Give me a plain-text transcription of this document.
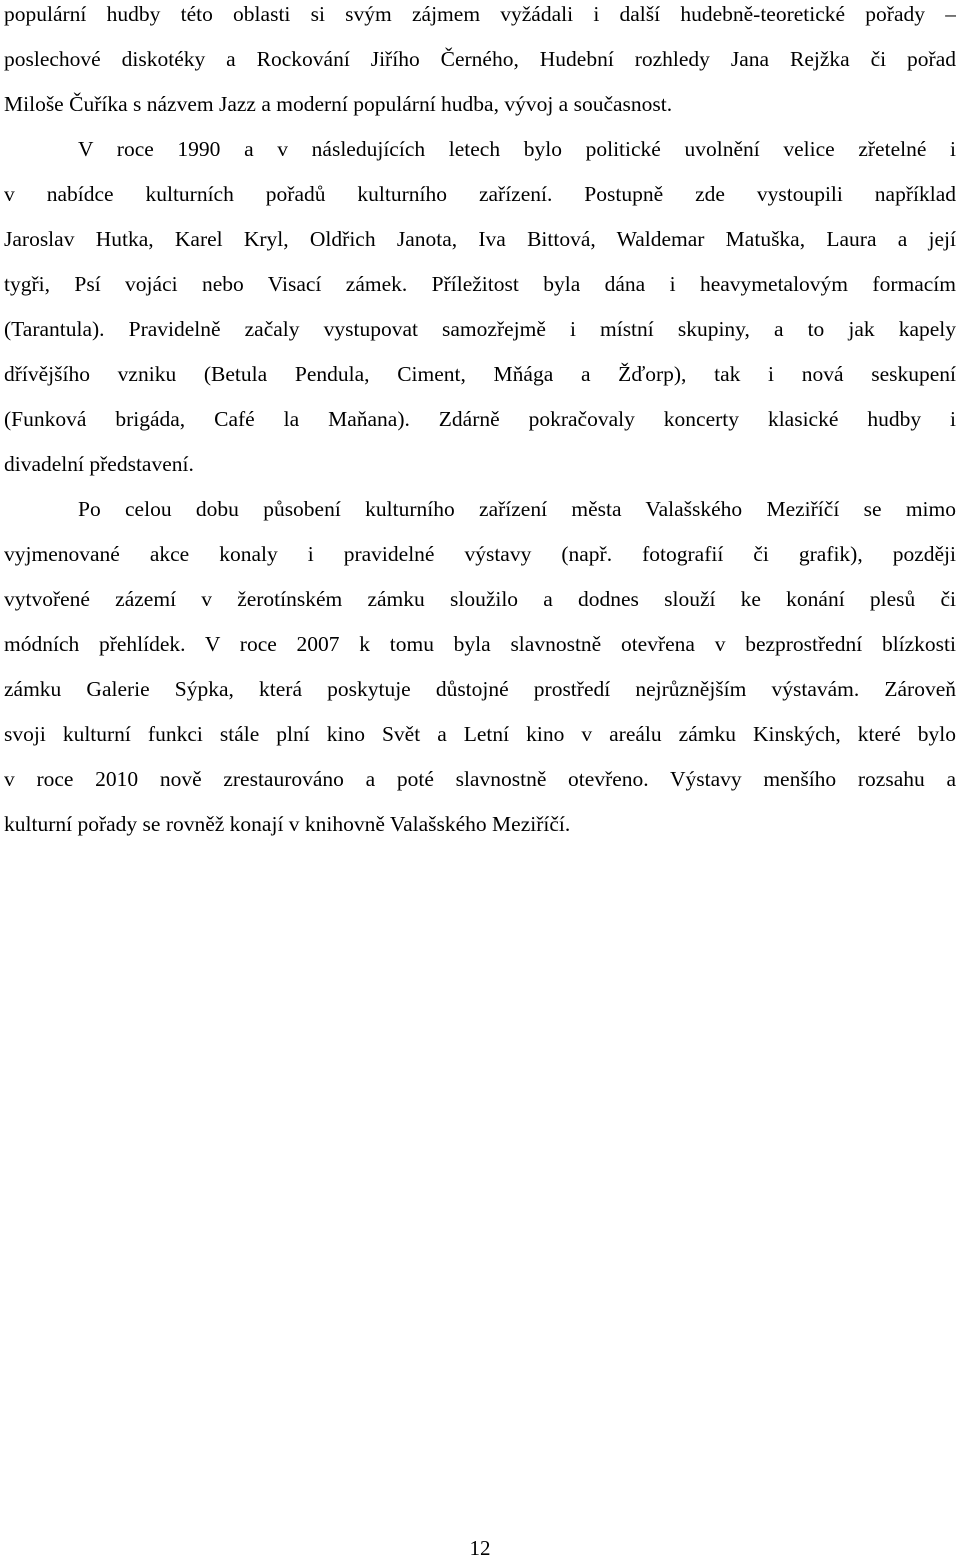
populární hudby této oblasti si svým zájmem vyžádali i další hudebně-teoretické pořady –
poslechové diskotéky a Rockování Jiřího Černého, Hudební rozhledy Jana Rejžka či pořad
Miloše Čuříka s názvem Jazz a moderní populární hudba, vývoj a současnost.
V roce 1990 a v následujících letech bylo politické uvolnění velice zřetelné i
v nabídce kulturních pořadů kulturního zařízení. Postupně zde vystoupili například
Jaroslav Hutka, Karel Kryl, Oldřich Janota, Iva Bittová, Waldemar Matuška, Laura a její
tygři, Psí vojáci nebo Visací zámek. Příležitost byla dána i heavymetalovým formacím
(Tarantula). Pravidelně začaly vystupovat samozřejmě i místní skupiny, a to jak kapely
dřívějšího vzniku (Betula Pendula, Ciment, Mňága a Žďorp), tak i nová seskupení
(Funková brigáda, Café la Maňana). Zdárně pokračovaly koncerty klasické hudby i
divadelní představení.
Po celou dobu působení kulturního zařízení města Valašského Meziříčí se mimo
vyjmenované akce konaly i pravidelné výstavy (např. fotografií či grafik), později
vytvořené zázemí v žerotínském zámku sloužilo a dodnes slouží ke konání plesů či
módních přehlídek. V roce 2007 k tomu byla slavnostně otevřena v bezprostřední blízkosti
zámku Galerie Sýpka, která poskytuje důstojné prostředí nejrůznějším výstavám. Zároveň
svoji kulturní funkci stále plní kino Svět a Letní kino v areálu zámku Kinských, které bylo
v roce 2010 nově zrestaurováno a poté slavnostně otevřeno. Výstavy menšího rozsahu a
kulturní pořady se rovněž konají v knihovně Valašského Meziříčí.
12
